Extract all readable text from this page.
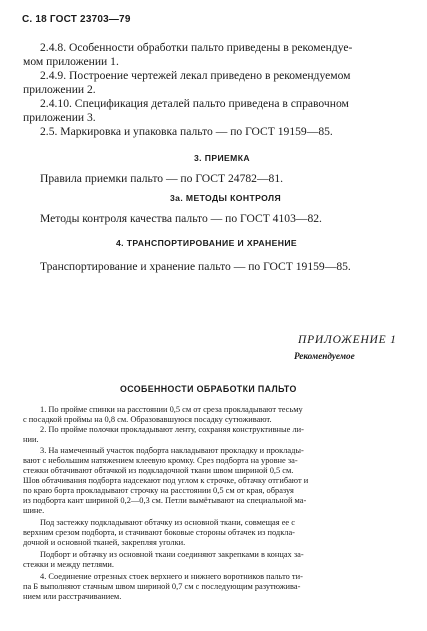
С. 18 ГОСТ 23703—79
2.4.8. Особенности обработки пальто приведены в рекомендуе-
мом приложении 1.
2.4.9. Построение чертежей лекал приведено в рекомендуемом
приложении 2.
2.4.10. Спецификация деталей пальто приведена в справочном
приложении 3.
2.5. Маркировка и упаковка пальто — по ГОСТ 19159—85.
3. ПРИЕМКА
Правила приемки пальто — по ГОСТ 24782—81.
3а. МЕТОДЫ КОНТРОЛЯ
Методы контроля качества пальто — по ГОСТ 4103—82.
4. ТРАНСПОРТИРОВАНИЕ И ХРАНЕНИЕ
Транспортирование и хранение пальто — по ГОСТ 19159—85.
ПРИЛОЖЕНИЕ 1
Рекомендуемое
ОСОБЕННОСТИ ОБРАБОТКИ ПАЛЬТО
1. По пройме спинки на расстоянии 0,5 см от среза прокладывают тесьму
с посадкой проймы на 0,8 см. Образовавшуюся посадку сутюживают.
2. По пройме полочки прокладывают ленту, сохраняя конструктивные ли-
нии.
3. На намеченный участок подборта накладывают прокладку и проклады-
вают с небольшим натяжением клеевую кромку. Срез подборта на уровне за-
стежки обтачивают обтачкой из подкладочной ткани швом шириной 0,5 см.
Шов обтачивания подборта надсекают под углом к строчке, обтачку отгибают и
по краю борта прокладывают строчку на расстоянии 0,5 см от края, образуя
из подборта кант шириной 0,2—0,3 см. Петли вымётывают на специальной ма-
шине.
Под застежку подкладывают обтачку из основной ткани, совмещая ее с
верхним срезом подборта, и стачивают боковые стороны обтачек из подкла-
дочной и основной тканей, закрепляя уголки.
Подборт и обтачку из основной ткани соединяют закрепками в концах за-
стежки и между петлями.
4. Соединение отрезных стоек верхнего и нижнего воротников пальто ти-
па Б выполняют стачным швом шириной 0,7 см с последующим разутюжива-
нием или расстрачиванием.
